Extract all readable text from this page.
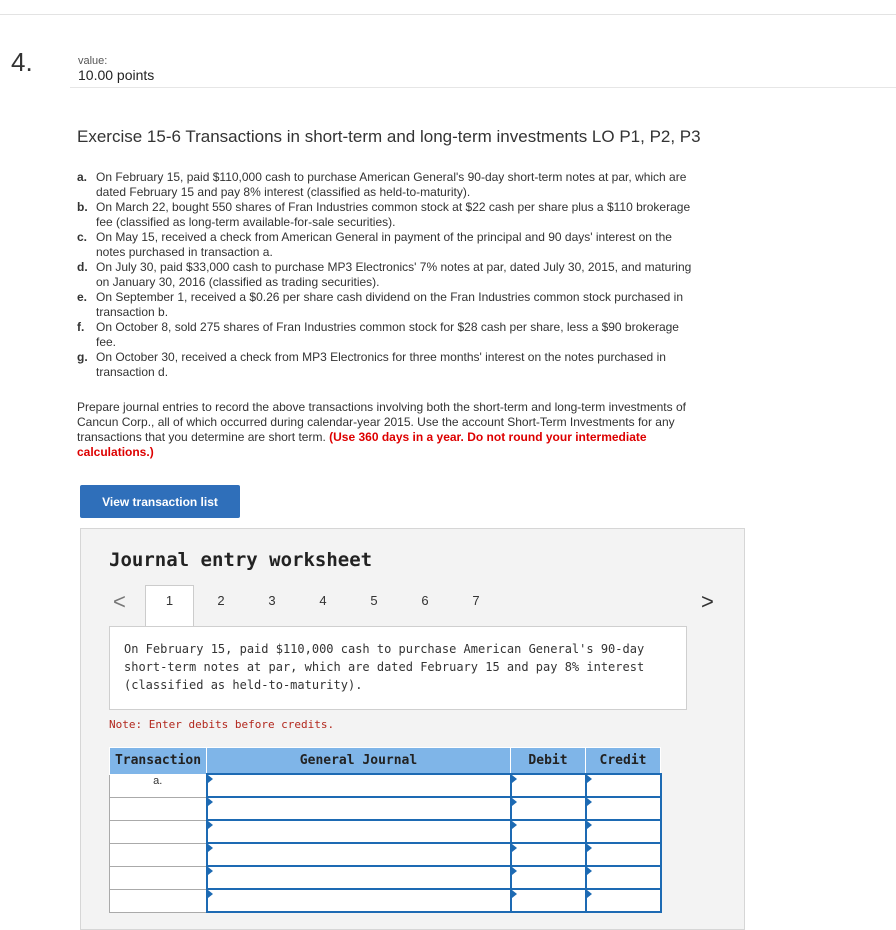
4.	value:
10.00 points
Exercise 15-6 Transactions in short-term and long-term investments LO P1, P2, P3
a. On February 15, paid $110,000 cash to purchase American General's 90-day short-term notes at par, which are dated February 15 and pay 8% interest (classified as held-to-maturity).
b. On March 22, bought 550 shares of Fran Industries common stock at $22 cash per share plus a $110 brokerage fee (classified as long-term available-for-sale securities).
c. On May 15, received a check from American General in payment of the principal and 90 days' interest on the notes purchased in transaction a.
d. On July 30, paid $33,000 cash to purchase MP3 Electronics' 7% notes at par, dated July 30, 2015, and maturing on January 30, 2016 (classified as trading securities).
e. On September 1, received a $0.26 per share cash dividend on the Fran Industries common stock purchased in transaction b.
f. On October 8, sold 275 shares of Fran Industries common stock for $28 cash per share, less a $90 brokerage fee.
g. On October 30, received a check from MP3 Electronics for three months' interest on the notes purchased in transaction d.
Prepare journal entries to record the above transactions involving both the short-term and long-term investments of Cancun Corp., all of which occurred during calendar-year 2015. Use the account Short-Term Investments for any transactions that you determine are short term. (Use 360 days in a year. Do not round your intermediate calculations.)
View transaction list
Journal entry worksheet
<	1	2	3	4	5	6	7	>
On February 15, paid $110,000 cash to purchase American General's 90-day short-term notes at par, which are dated February 15 and pay 8% interest (classified as held-to-maturity).
Note: Enter debits before credits.
Transaction	General Journal	Debit	Credit
a.			
